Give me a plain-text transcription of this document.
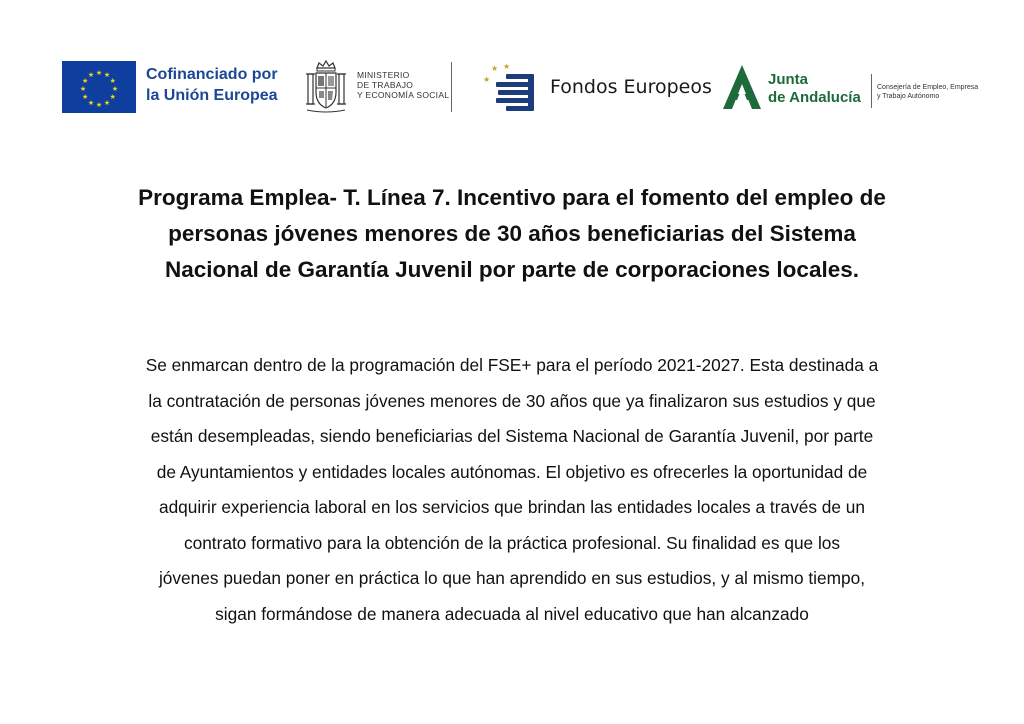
★ ★
★
★
★
★
★
★
★
★
★
★	Cofinanciado por
la Unión Europea
MINISTERIO
DE TRABAJO
Y ECONOMÍA SOCIAL
★
★ ★
Fondos Europeos	Junta
de Andalucía
Consejería de Empleo, Empresa
y Trabajo Autónomo
Programa Emplea- T. Línea 7. Incentivo para el fomento del empleo de
personas jóvenes menores de 30 años beneficiarias del Sistema
Nacional de Garantía Juvenil por parte de corporaciones locales.
Se enmarcan dentro de la programación del FSE+ para el período 2021-2027. Esta destinada a
la contratación de personas jóvenes menores de 30 años que ya finalizaron sus estudios y que
están desempleadas, siendo beneficiarias del Sistema Nacional de Garantía Juvenil, por parte
de Ayuntamientos y entidades locales autónomas. El objetivo es ofrecerles la oportunidad de
adquirir experiencia laboral en los servicios que brindan las entidades locales a través de un
contrato formativo para la obtención de la práctica profesional. Su finalidad es que los
jóvenes puedan poner en práctica lo que han aprendido en sus estudios, y al mismo tiempo,
sigan formándose de manera adecuada al nivel educativo que han alcanzado
